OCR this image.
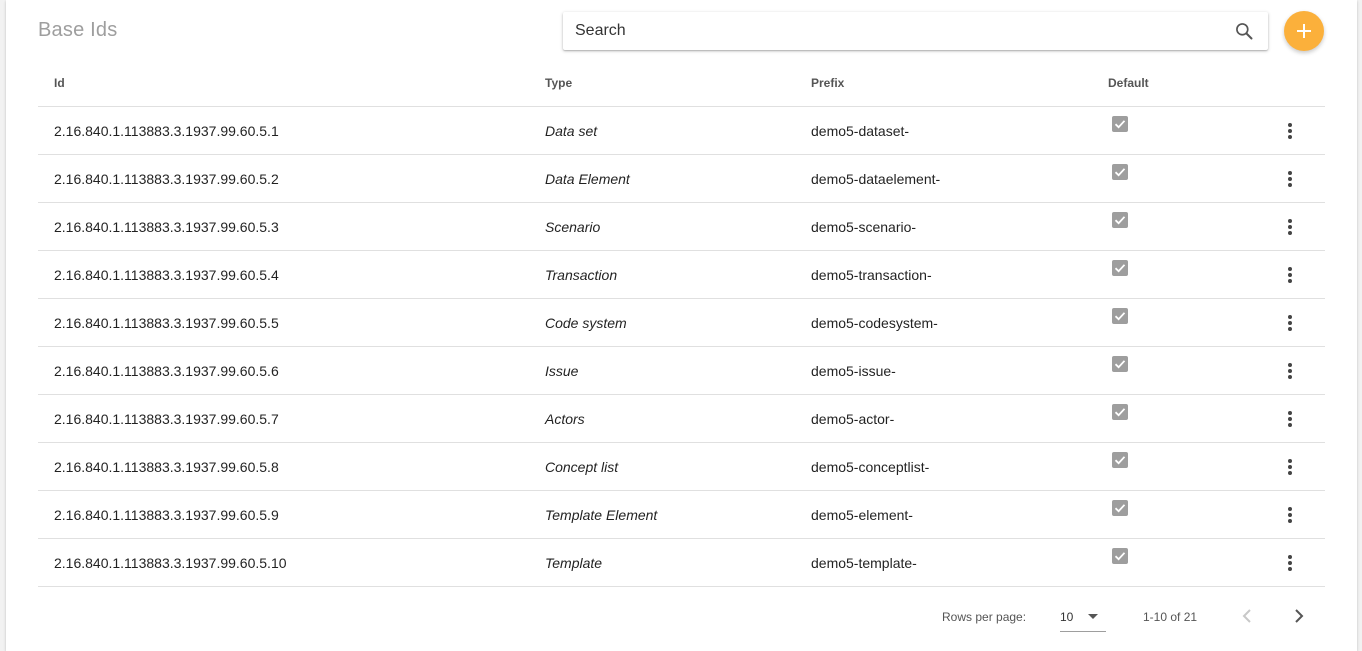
Base Ids
Search
Id	Type	Prefix	Default
2.16.840.1.113883.3.1937.99.60.5.1	Data set	demo5-dataset-
2.16.840.1.113883.3.1937.99.60.5.2	Data Element	demo5-dataelement-
2.16.840.1.113883.3.1937.99.60.5.3	Scenario	demo5-scenario-
2.16.840.1.113883.3.1937.99.60.5.4	Transaction	demo5-transaction-
2.16.840.1.113883.3.1937.99.60.5.5	Code system	demo5-codesystem-
2.16.840.1.113883.3.1937.99.60.5.6	Issue	demo5-issue-
2.16.840.1.113883.3.1937.99.60.5.7	Actors	demo5-actor-
2.16.840.1.113883.3.1937.99.60.5.8	Concept list	demo5-conceptlist-
2.16.840.1.113883.3.1937.99.60.5.9	Template Element	demo5-element-
2.16.840.1.113883.3.1937.99.60.5.10	Template	demo5-template-
Rows per page:	10	1-10 of 21
